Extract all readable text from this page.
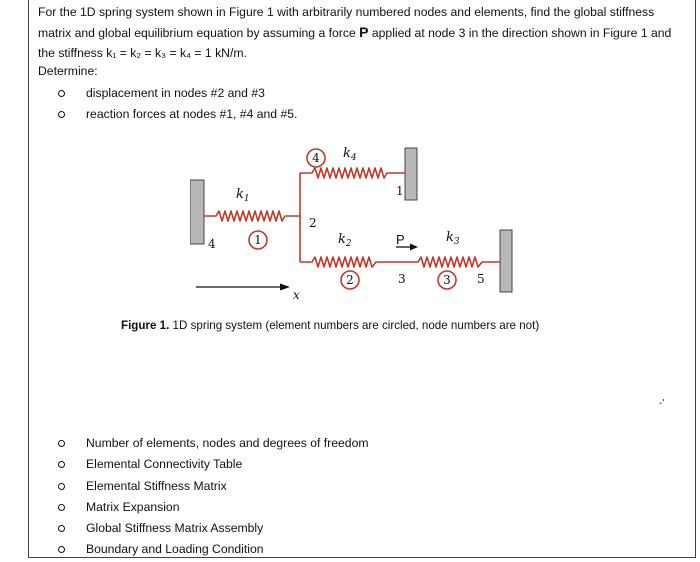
For the 1D spring system shown in Figure 1 with arbitrarily numbered nodes and elements, find the global stiffness matrix and global equilibrium equation by assuming a force P applied at node 3 in the direction shown in Figure 1 and the stiffness k₁ = k₂ = k₃ = k₄ = 1 kN/m.
Determine:
displacement in nodes #2 and #3
reaction forces at nodes #1, #4 and #5.
4
1
2	3
1
2
3
4
5
$k_1$
$k_4$
$k_2$	$k_3$
x
P
Figure 1. 1D spring system (element numbers are circled, node numbers are not)
-'
Number of elements, nodes and degrees of freedom
Elemental Connectivity Table
Elemental Stiffness Matrix
Matrix Expansion
Global Stiffness Matrix Assembly
Boundary and Loading Condition
